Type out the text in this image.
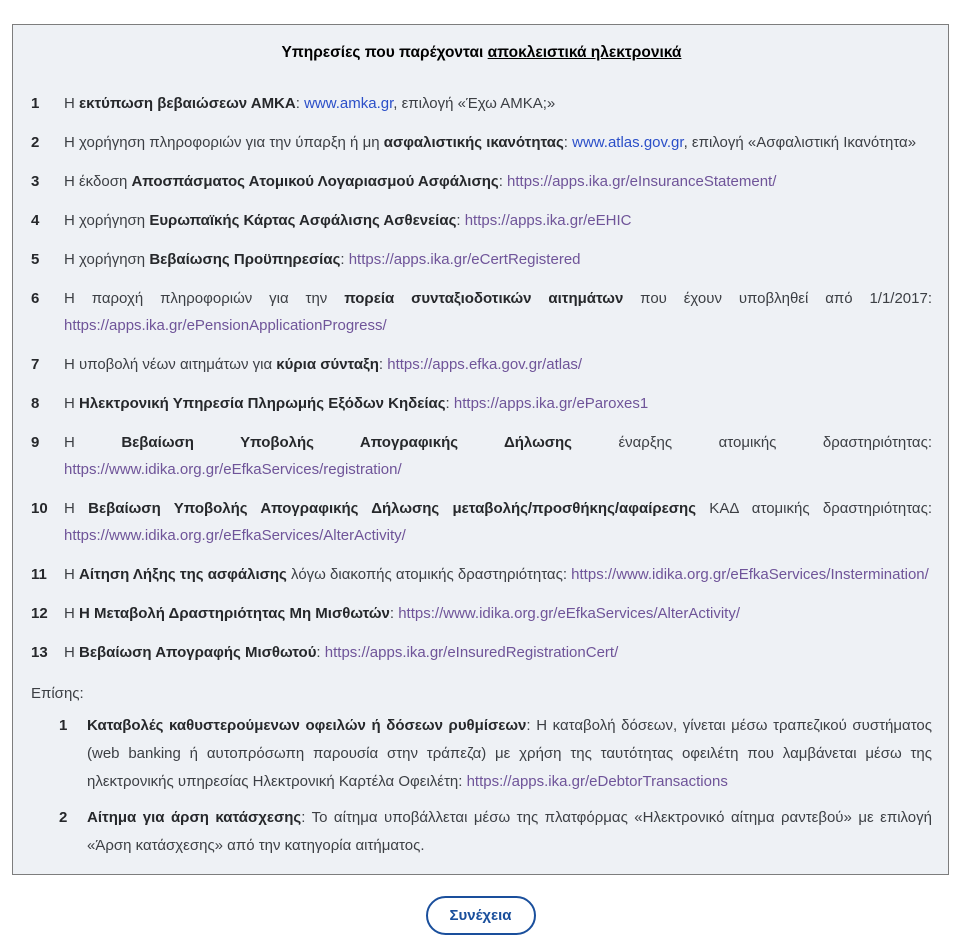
Υπηρεσίες που παρέχονται αποκλειστικά ηλεκτρονικά
1	Η εκτύπωση βεβαιώσεων ΑΜΚΑ: www.amka.gr, επιλογή «Έχω ΑΜΚΑ;»
2	Η χορήγηση πληροφοριών για την ύπαρξη ή μη ασφαλιστικής ικανότητας: www.atlas.gov.gr, επιλογή «Ασφαλιστική Ικανότητα»
3	Η έκδοση Αποσπάσματος Ατομικού Λογαριασμού Ασφάλισης: https://apps.ika.gr/eInsuranceStatement/
4	Η χορήγηση Ευρωπαϊκής Κάρτας Ασφάλισης Ασθενείας: https://apps.ika.gr/eEHIC
5	Η χορήγηση Βεβαίωσης Προϋπηρεσίας: https://apps.ika.gr/eCertRegistered
6	Η παροχή πληροφοριών για την πορεία συνταξιοδοτικών αιτημάτων που έχουν υποβληθεί από 1/1/2017: https://apps.ika.gr/ePensionApplicationProgress/
7	Η υποβολή νέων αιτημάτων για κύρια σύνταξη: https://apps.efka.gov.gr/atlas/
8	Η Ηλεκτρονική Υπηρεσία Πληρωμής Εξόδων Κηδείας: https://apps.ika.gr/eParoxes1
9	Η Βεβαίωση Υποβολής Απογραφικής Δήλωσης έναρξης ατομικής δραστηριότητας: https://www.idika.org.gr/eEfkaServices/registration/
10	Η Βεβαίωση Υποβολής Απογραφικής Δήλωσης μεταβολής/προσθήκης/αφαίρεσης ΚΑΔ ατομικής δραστηριότητας: https://www.idika.org.gr/eEfkaServices/AlterActivity/
11	Η Αίτηση Λήξης της ασφάλισης λόγω διακοπής ατομικής δραστηριότητας: https://www.idika.org.gr/eEfkaServices/Instermination/
12	Η Η Μεταβολή Δραστηριότητας Μη Μισθωτών: https://www.idika.org.gr/eEfkaServices/AlterActivity/
13	Η Βεβαίωση Απογραφής Μισθωτού: https://apps.ika.gr/eInsuredRegistrationCert/
Επίσης:
1	Καταβολές καθυστερούμενων οφειλών ή δόσεων ρυθμίσεων: Η καταβολή δόσεων, γίνεται μέσω τραπεζικού συστήματος (web banking ή αυτοπρόσωπη παρουσία στην τράπεζα) με χρήση της ταυτότητας οφειλέτη που λαμβάνεται μέσω της ηλεκτρονικής υπηρεσίας Ηλεκτρονική Καρτέλα Οφειλέτη: https://apps.ika.gr/eDebtorTransactions
2	Αίτημα για άρση κατάσχεσης: Το αίτημα υποβάλλεται μέσω της πλατφόρμας «Ηλεκτρονικό αίτημα ραντεβού» με επιλογή «Άρση κατάσχεσης» από την κατηγορία αιτήματος.
Συνέχεια
